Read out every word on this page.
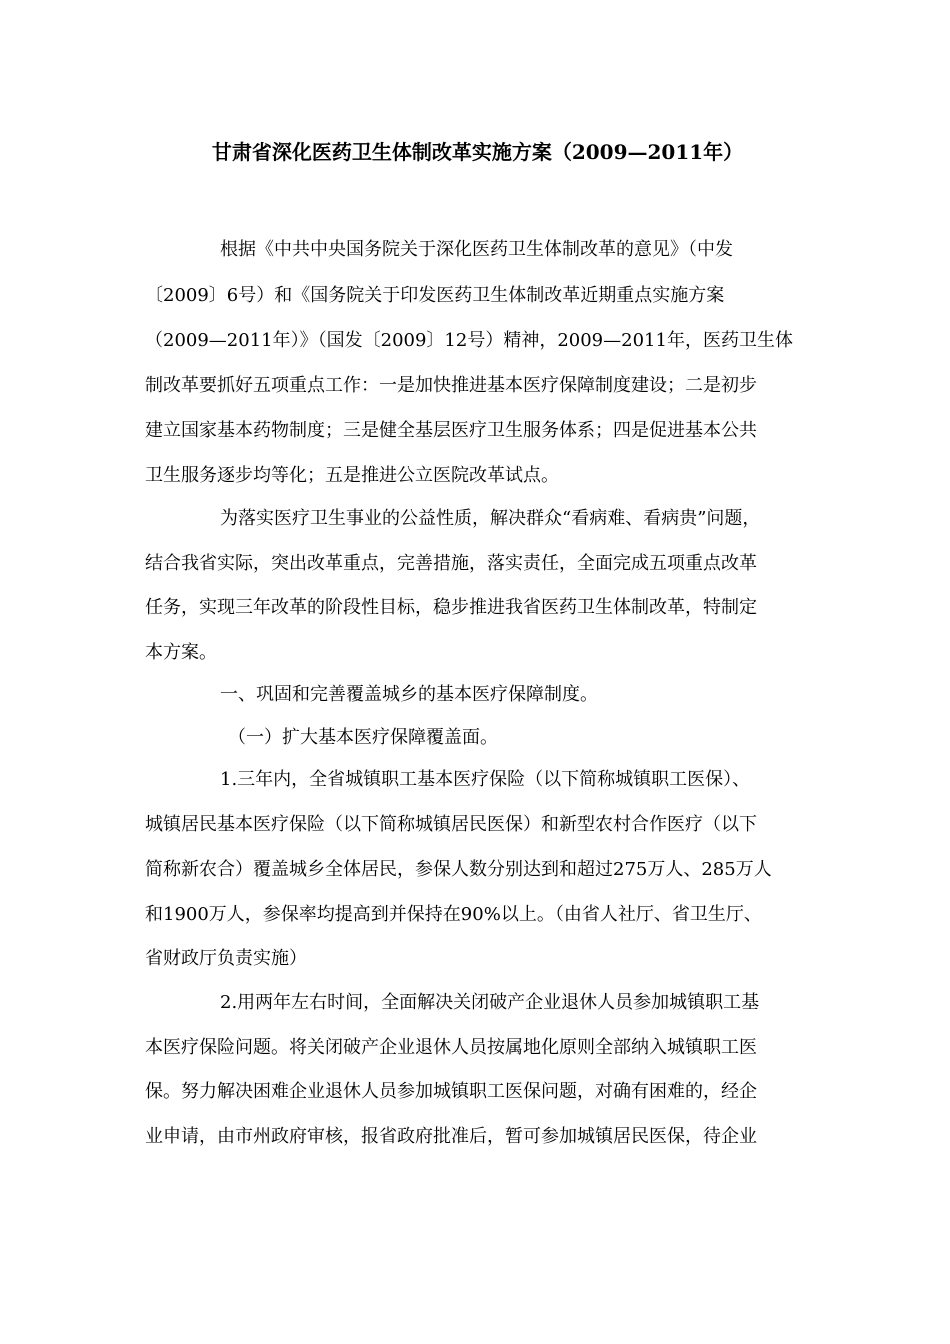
甘肃省深化医药卫生体制改革实施方案（2009—2011年）
根据《中共中央国务院关于深化医药卫生体制改革的意见》（中发
〔2009〕6号）和《国务院关于印发医药卫生体制改革近期重点实施方案
（2009—2011年）》（国发〔2009〕12号）精神，2009—2011年，医药卫生体
制改革要抓好五项重点工作：一是加快推进基本医疗保障制度建设；二是初步
建立国家基本药物制度；三是健全基层医疗卫生服务体系；四是促进基本公共
卫生服务逐步均等化；五是推进公立医院改革试点。
为落实医疗卫生事业的公益性质，解决群众“看病难、看病贵”问题，
结合我省实际，突出改革重点，完善措施，落实责任，全面完成五项重点改革
任务，实现三年改革的阶段性目标，稳步推进我省医药卫生体制改革，特制定
本方案。
一、巩固和完善覆盖城乡的基本医疗保障制度。
（一）扩大基本医疗保障覆盖面。
1.三年内，全省城镇职工基本医疗保险（以下简称城镇职工医保）、
城镇居民基本医疗保险（以下简称城镇居民医保）和新型农村合作医疗（以下
简称新农合）覆盖城乡全体居民，参保人数分别达到和超过275万人、285万人
和1900万人，参保率均提高到并保持在90%以上。（由省人社厅、省卫生厅、
省财政厅负责实施）
2.用两年左右时间，全面解决关闭破产企业退休人员参加城镇职工基
本医疗保险问题。将关闭破产企业退休人员按属地化原则全部纳入城镇职工医
保。努力解决困难企业退休人员参加城镇职工医保问题，对确有困难的，经企
业申请，由市州政府审核，报省政府批准后，暂可参加城镇居民医保，待企业
